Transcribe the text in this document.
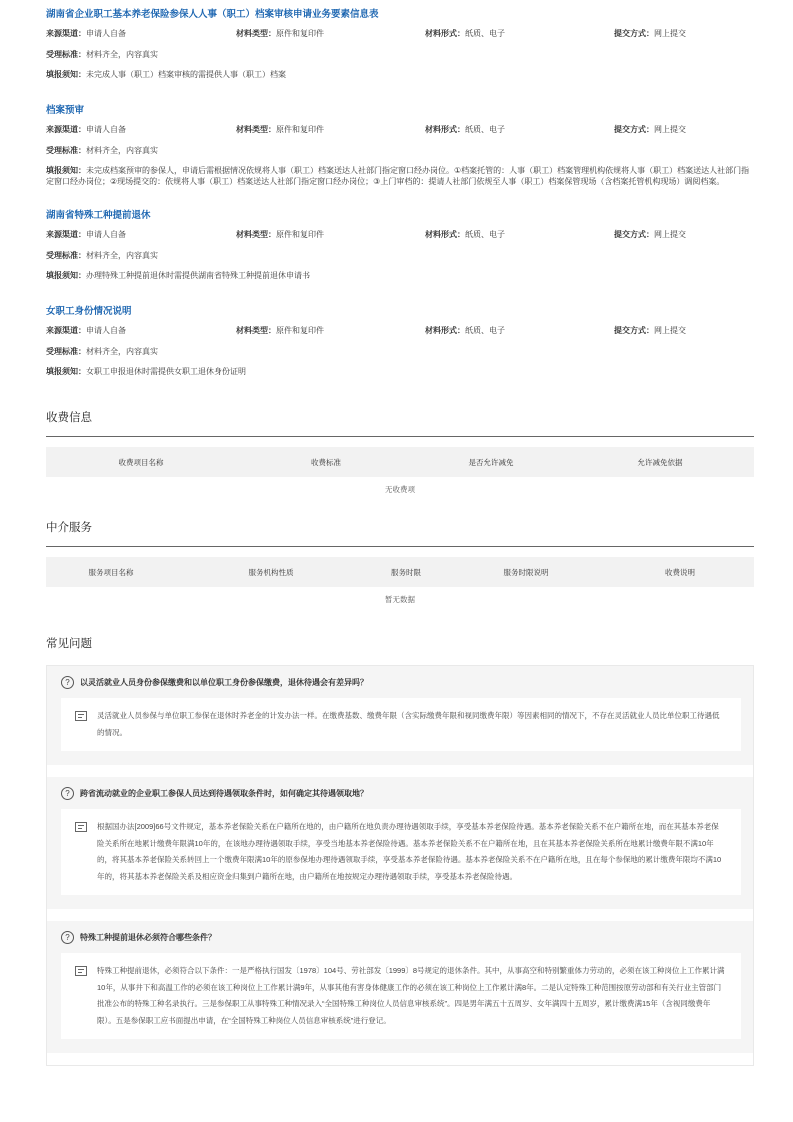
湖南省企业职工基本养老保险参保人人事（职工）档案审核申请业务要素信息表
来源渠道：申请人自备	材料类型：原件和复印件	材料形式：纸质、电子	提交方式：网上提交
受理标准：材料齐全，内容真实
填报须知：未完成人事（职工）档案审核的需提供人事（职工）档案
档案预审
来源渠道：申请人自备	材料类型：原件和复印件	材料形式：纸质、电子	提交方式：网上提交
受理标准：材料齐全，内容真实
填报须知：未完成档案预审的参保人，申请后需根据情况依规将人事（职工）档案送达人社部门指定窗口经办岗位。①档案托管的：人事（职工）档案管理机构依规将人事（职工）档案送达人社部门指定窗口经办岗位；②现场提交的：依规将人事（职工）档案送达人社部门指定窗口经办岗位；③上门审档的：提请人社部门依规至人事（职工）档案保管现场（含档案托管机构现场）调阅档案。
湖南省特殊工种提前退休
来源渠道：申请人自备	材料类型：原件和复印件	材料形式：纸质、电子	提交方式：网上提交
受理标准：材料齐全，内容真实
填报须知：办理特殊工种提前退休时需提供湖南省特殊工种提前退休申请书
女职工身份情况说明
来源渠道：申请人自备	材料类型：原件和复印件	材料形式：纸质、电子	提交方式：网上提交
受理标准：材料齐全，内容真实
填报须知：女职工申报退休时需提供女职工退休身份证明
收费信息
收费项目名称	收费标准	是否允许减免	允许减免依据
无收费项
中介服务
服务项目名称	服务机构性质	服务时限	服务时限说明	收费说明
暂无数据
常见问题
?	以灵活就业人员身份参保缴费和以单位职工身份参保缴费，退休待遇会有差异吗？
灵活就业人员参保与单位职工参保在退休时养老金的计发办法一样。在缴费基数、缴费年限（含实际缴费年限和视同缴费年限）等因素相同的情况下，不存在灵活就业人员比单位职工待遇低的情况。
?	跨省流动就业的企业职工参保人员达到待遇领取条件时，如何确定其待遇领取地？
根据国办法[2009]66号文件规定，基本养老保险关系在户籍所在地的，由户籍所在地负责办理待遇领取手续，享受基本养老保险待遇。基本养老保险关系不在户籍所在地，而在其基本养老保险关系所在地累计缴费年限满10年的，在该地办理待遇领取手续，享受当地基本养老保险待遇。基本养老保险关系不在户籍所在地，且在其基本养老保险关系所在地累计缴费年限不满10年的，将其基本养老保险关系转回上一个缴费年限满10年的原参保地办理待遇领取手续，享受基本养老保险待遇。基本养老保险关系不在户籍所在地，且在每个参保地的累计缴费年限均不满10年的，将其基本养老保险关系及相应资金归集到户籍所在地，由户籍所在地按规定办理待遇领取手续，享受基本养老保险待遇。
?	特殊工种提前退休必须符合哪些条件？
特殊工种提前退休，必须符合以下条件：一是严格执行国发〔1978〕104号、劳社部发〔1999〕8号规定的退休条件。其中，从事高空和特别繁重体力劳动的，必须在该工种岗位上工作累计满10年，从事井下和高温工作的必须在该工种岗位上工作累计满9年，从事其他有害身体健康工作的必须在该工种岗位上工作累计满8年。二是认定特殊工种范围按原劳动部和有关行业主管部门批准公布的特殊工种名录执行。三是参保职工从事特殊工种情况录入“全国特殊工种岗位人员信息审核系统”。四是男年满五十五周岁、女年满四十五周岁，累计缴费满15年（含视同缴费年限）。五是参保职工应书面提出申请，在“全国特殊工种岗位人员信息审核系统”进行登记。
